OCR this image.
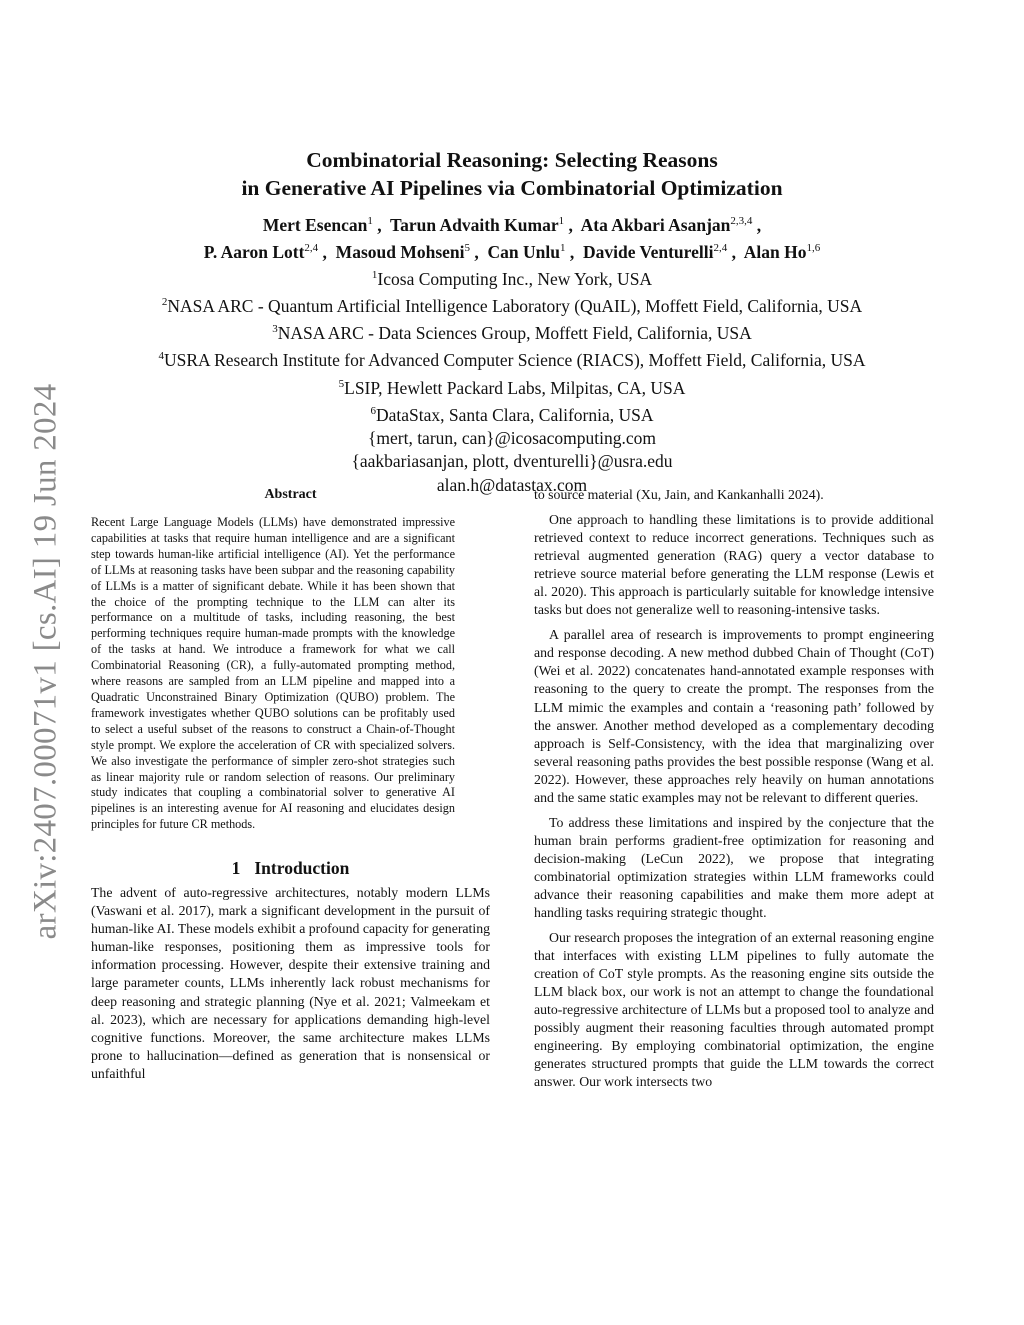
arXiv:2407.00071v1 [cs.AI] 19 Jun 2024
Combinatorial Reasoning: Selecting Reasons
in Generative AI Pipelines via Combinatorial Optimization
Mert Esencan$^1$ ,  Tarun Advaith Kumar$^1$ ,  Ata Akbari Asanjan$^{2,3,4}$ ,
P. Aaron Lott$^{2,4}$ ,  Masoud Mohseni$^5$ ,  Can Unlu$^1$ ,  Davide Venturelli$^{2,4}$ ,  Alan Ho$^{1,6}$
$^1$Icosa Computing Inc., New York, USA
$^2$NASA ARC - Quantum Artificial Intelligence Laboratory (QuAIL), Moffett Field, California, USA
$^3$NASA ARC - Data Sciences Group, Moffett Field, California, USA
$^4$USRA Research Institute for Advanced Computer Science (RIACS), Moffett Field, California, USA
$^5$LSIP, Hewlett Packard Labs, Milpitas, CA, USA
$^6$DataStax, Santa Clara, California, USA
{mert, tarun, can}@icosacomputing.com
{aakbariasanjan, plott, dventurelli}@usra.edu
alan.h@datastax.com
Abstract

Recent Large Language Models (LLMs) have demonstrated impressive capabilities at tasks that require human intelligence and are a significant step towards human-like artificial intelligence (AI). Yet the performance of LLMs at reasoning tasks have been subpar and the reasoning capability of LLMs is a matter of significant debate. While it has been shown that the choice of the prompting technique to the LLM can alter its performance on a multitude of tasks, including reasoning, the best performing techniques require human-made prompts with the knowledge of the tasks at hand. We introduce a framework for what we call Combinatorial Reasoning (CR), a fully-automated prompting method, where reasons are sampled from an LLM pipeline and mapped into a Quadratic Unconstrained Binary Optimization (QUBO) problem. The framework investigates whether QUBO solutions can be profitably used to select a useful subset of the reasons to construct a Chain-of-Thought style prompt. We explore the acceleration of CR with specialized solvers. We also investigate the performance of simpler zero-shot strategies such as linear majority rule or random selection of reasons. Our preliminary study indicates that coupling a combinatorial solver to generative AI pipelines is an interesting avenue for AI reasoning and elucidates design principles for future CR methods.

1 Introduction

The advent of auto-regressive architectures, notably modern LLMs (Vaswani et al. 2017), mark a significant development in the pursuit of human-like AI. These models exhibit a profound capacity for generating human-like responses, positioning them as impressive tools for information processing. However, despite their extensive training and large parameter counts, LLMs inherently lack robust mechanisms for deep reasoning and strategic planning (Nye et al. 2021; Valmeekam et al. 2023), which are necessary for applications demanding high-level cognitive functions. Moreover, the same architecture makes LLMs prone to hallucination—defined as generation that is nonsensical or unfaithful

to source material (Xu, Jain, and Kankanhalli 2024).

One approach to handling these limitations is to provide additional retrieved context to reduce incorrect generations. Techniques such as retrieval augmented generation (RAG) query a vector database to retrieve source material before generating the LLM response (Lewis et al. 2020). This approach is particularly suitable for knowledge intensive tasks but does not generalize well to reasoning-intensive tasks.

A parallel area of research is improvements to prompt engineering and response decoding. A new method dubbed Chain of Thought (CoT) (Wei et al. 2022) concatenates hand-annotated example responses with reasoning to the query to create the prompt. The responses from the LLM mimic the examples and contain a ‘reasoning path’ followed by the answer. Another method developed as a complementary decoding approach is Self-Consistency, with the idea that marginalizing over several reasoning paths provides the best possible response (Wang et al. 2022). However, these approaches rely heavily on human annotations and the same static examples may not be relevant to different queries.

To address these limitations and inspired by the conjecture that the human brain performs gradient-free optimization for reasoning and decision-making (LeCun 2022), we propose that integrating combinatorial optimization strategies within LLM frameworks could advance their reasoning capabilities and make them more adept at handling tasks requiring strategic thought.

Our research proposes the integration of an external reasoning engine that interfaces with existing LLM pipelines to fully automate the creation of CoT style prompts. As the reasoning engine sits outside the LLM black box, our work is not an attempt to change the foundational auto-regressive architecture of LLMs but a proposed tool to analyze and possibly augment their reasoning faculties through automated prompt engineering. By employing combinatorial optimization, the engine generates structured prompts that guide the LLM towards the correct answer. Our work intersects two
